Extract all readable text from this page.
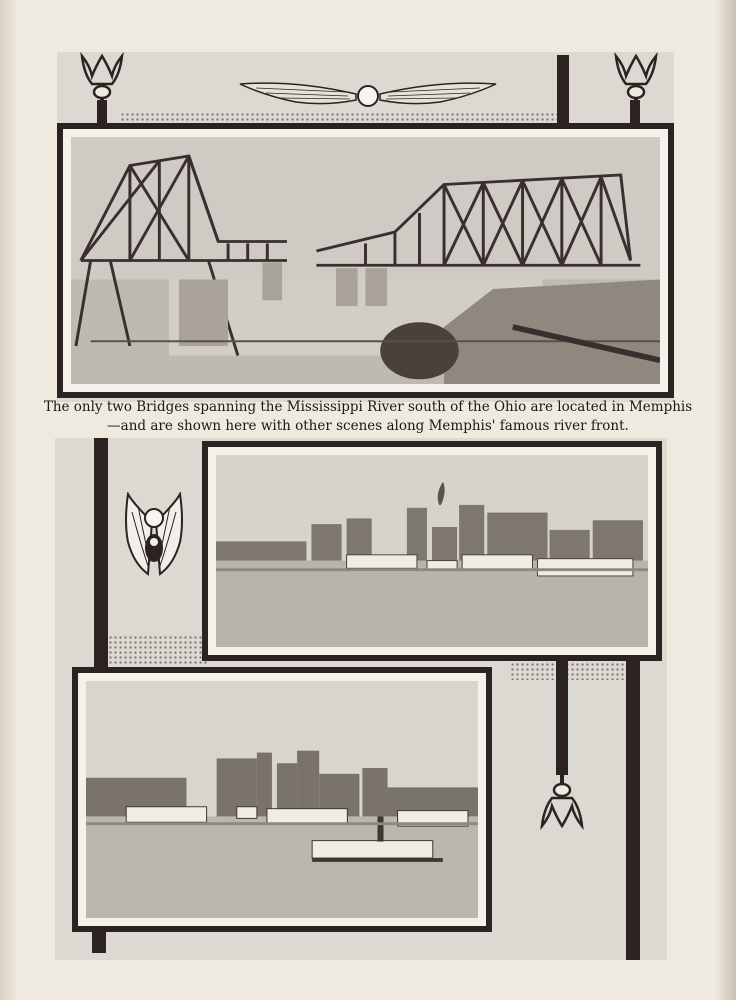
The only two Bridges spanning the Mississippi River south of the Ohio are located in Memphis
—and are shown here with other scenes along Memphis' famous river front.
